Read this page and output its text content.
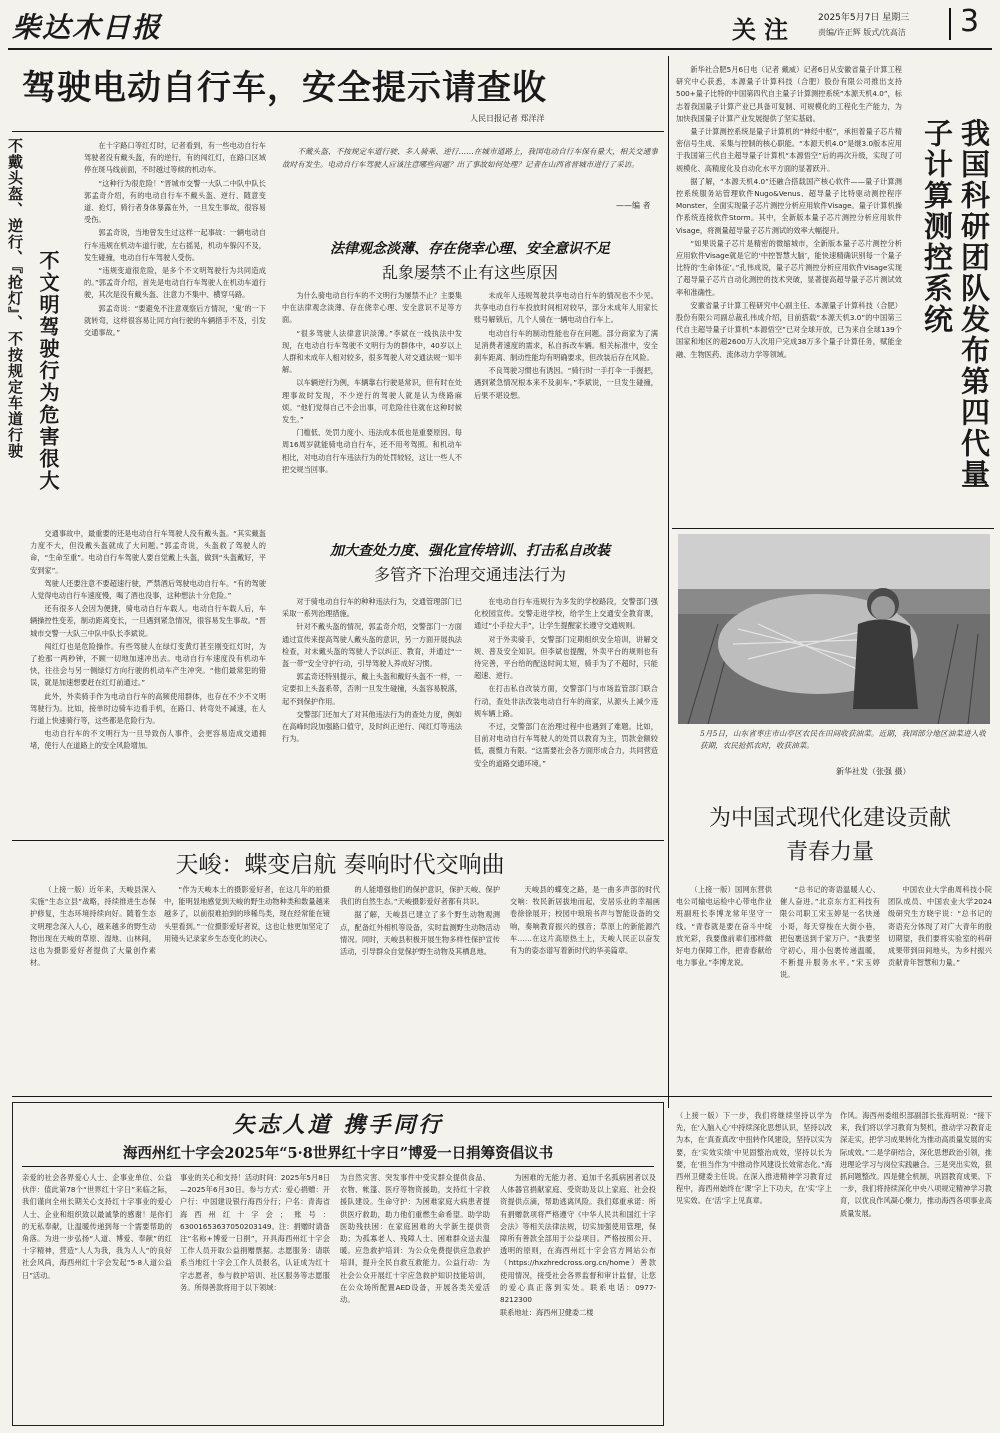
柴达木日报	关注 2025年5月7日 星期三
责编/许正辉 版式/沈高洁 3
驾驶电动自行车，安全提示请查收
人民日报记者 郑洋洋
不戴头盔、逆行、『抢灯』、不按规定车道行驶 不文明驾驶行为危害很大

在十字路口等红灯时，记者看到，有一些电动自行车驾驶者没有戴头盔，有的逆行，有的闯红灯，在路口区域停在斑马线前面，不时越过等候的机动车。

“这种行为很危险！”晋城市交警一大队二中队中队长郭孟奇介绍，有的电动自行车不戴头盔、逆行、随意变道、抢灯，骑行者身体暴露在外，一旦发生事故，很容易受伤。

郭孟奇说，当地曾发生过这样一起事故：一辆电动自行车违规在机动车道行驶，左右摇晃，机动车躲闪不及，发生碰撞，电动自行车驾驶人受伤。

“违规变道很危险，是多个不文明驾驶行为共同造成的。”郭孟奇介绍，首先是电动自行车驾驶人在机动车道行驶，其次是没有戴头盔、注意力不集中、横穿马路。

郭孟奇说：“要避免不注意观察后方情况，‘鬼’的一下就转弯，这样很容易让同方向行驶的车辆措手不及，引发交通事故。”

交通事故中，最重要的还是电动自行车驾驶人没有戴头盔。“其实戴盔力度不大，但没戴头盔就成了大问题。”郭孟奇说，头盔救了驾驶人的命，“生命至重”。电动自行车驾驶人要自觉戴上头盔，做到“头盔戴好，平安到家”。

驾驶人还要注意不要超速行驶，严禁酒后驾驶电动自行车。“有的驾驶人觉得电动自行车速度慢，喝了酒也没事，这种想法十分危险。”

还有很多人会因为便捷，骑电动自行车载人。电动自行车载人后，车辆操控性变差，制动距离变长，一旦遇到紧急情况，很容易发生事故。“晋城市交警一大队三中队中队长李斌说。

闯红灯也是危险操作。有些驾驶人在绿灯变黄灯甚至刚变红灯时，为了抢那一两秒钟，不顾一切地加速冲出去。电动自行车速度没有机动车快，往往会与另一侧绿灯方向行驶的机动车产生冲突。“他们最常犯的错误，就是加速想要赶在红灯前通过。”

此外，外卖骑手作为电动自行车的高频使用群体，也存在不少不文明驾驶行为。比如，接单时边骑车边看手机，在路口、转弯处不减速，在人行道上快速骑行等，这些都是危险行为。

电动自行车的不文明行为一旦导致伤人事件，会更容易造成交通拥堵，使行人在道路上的安全风险增加。

不戴头盔、不按规定车道行驶、多人骑乘、逆行……在城市道路上，我国电动自行车保有量大，相关交通事故时有发生。电动自行车驾驶人应该注意哪些问题？出了事故如何处理？记者在山西省晋城市进行了采访。
——编 者
法律观念淡薄、存在侥幸心理、安全意识不足
乱象屡禁不止有这些原因

为什么骑电动自行车的不文明行为屡禁不止？主要集中在法律观念淡薄、存在侥幸心理、安全意识不足等方面。

“很多驾驶人法律意识淡薄。”李斌在一线执法中发现，在电动自行车驾驶不文明行为的群体中，40岁以上人群和未成年人相对较多，很多驾驶人对交通法规一知半解。

以车辆逆行为例，车辆靠右行驶是常识，但有时在处理事故时发现，不少逆行的驾驶人就是认为绕路麻烦。“他们觉得自己不会出事，可危险往往就在这种时候发生。”

门槛低、处罚力度小、违法成本低也是重要原因。每周16周岁就能骑电动自行车，还不用考驾照。和机动车相比，对电动自行车违法行为的处罚较轻，这让一些人不把交规当回事。

未成年人违规驾驶共享电动自行车的情况也不少见。共享电动自行车投放时间相对较早，部分未成年人用家长账号解锁后，几个人骑在一辆电动自行车上。

电动自行车的制动性能也存在问题。部分商家为了满足消费者速度的需求，私自拆改车辆。相关标准中，安全刹车距离、制动性能均有明确要求，但改装后存在风险。

不良驾驶习惯也有诱因。“骑行时一手打伞一手握把，遇到紧急情况根本来不及刹车。”李斌说，一旦发生碰撞，后果不堪设想。

加大查处力度、强化宣传培训、打击私自改装
多管齐下治理交通违法行为

对于骑电动自行车的种种违法行为，交通管理部门已采取一系列治理措施。

针对不戴头盔的情况，郭孟奇介绍，交警部门一方面通过宣传来提高驾驶人戴头盔的意识，另一方面开展执法检查，对未戴头盔的驾驶人予以纠正、教育，并通过“一盔一带”安全守护行动，引导驾驶人养成好习惯。

郭孟奇还特别提示，戴上头盔和戴好头盔不一样，一定要扣上头盔系带，否则一旦发生碰撞，头盔容易脱落，起不到保护作用。

交警部门还加大了对其他违法行为的查处力度，例如在高峰时段加强路口值守，及时纠正逆行、闯红灯等违法行为。

在电动自行车违规行为多发的学校路段，交警部门强化校园宣传。交警走进学校，给学生上交通安全教育课，通过“小手拉大手”，让学生提醒家长遵守交通规则。

对于外卖骑手，交警部门定期组织安全培训，讲解交规、普及安全知识。但李斌也提醒，外卖平台的规则也有待完善，平台给的配送时间太短，骑手为了不超时，只能超速、逆行。

在打击私自改装方面，交警部门与市场监管部门联合行动，查处非法改装电动自行车的商家，从源头上减少违规车辆上路。

不过，交警部门在治理过程中也遇到了难题。比如，目前对电动自行车驾驶人的处罚以教育为主，罚款金额较低，震慑力有限。“这需要社会各方面形成合力，共同营造安全的道路交通环境。”

新华社合肥5月6日电（记者 戴威）记者6日从安徽省量子计算工程研究中心获悉，本源量子计算科技（合肥）股份有限公司推出支持500+量子比特的中国第四代自主量子计算测控系统“本源天机4.0”，标志着我国量子计算产业已具备可复制、可规模化的工程化生产能力，为加快我国量子计算产业发展提供了坚实基础。

量子计算测控系统是量子计算机的“神经中枢”，承担着量子芯片精密信号生成、采集与控制的核心职能。“本源天机4.0”是继3.0版本应用于我国第三代自主超导量子计算机“本源悟空”后的再次升级，实现了可规模化、高精度化及自动化水平方面的显著跃升。

据了解，“本源天机4.0”还融合搭载国产核心软件——量子计算测控系统服务站管理软件Nugo&Venus、超导量子比特驱动测控程序Monster，全面实现量子芯片测控分析应用软件Visage。量子计算机操作系统连接软件Storm。其中，全新版本量子芯片测控分析应用软件Visage，将测量超导量子芯片测试的效率大幅提升。

“如果说量子芯片是精密的微缩城市，全新版本量子芯片测控分析应用软件Visage就是它的‘中控智慧大脑’，能快速精确识别每一个量子比特的‘生命体征’。”孔伟成说，量子芯片测控分析应用软件Visage实现了超导量子芯片自动化测控的技术突破，显著提高超导量子芯片测试效率和准确性。

安徽省量子计算工程研究中心副主任、本源量子计算科技（合肥）股份有限公司副总裁孔伟成介绍，目前搭载“本源天机3.0”的中国第三代自主超导量子计算机“本源悟空”已对全球开放，已为来自全球139个国家和地区的超2600万人次用户完成38万多个量子计算任务，赋能金融、生物医药、流体动力学等领域。	我国科研团队发布第四代量子计算测控系统
5月5日，山东省枣庄市山亭区农民在田间收获油菜。近期，我国部分地区油菜进入收获期，农民抢抓农时，收获油菜。
新华社发（张强 摄）
天峻：蝶变启航 奏响时代交响曲
（上接一版）近年来，天峻县深入实施“生态立县”战略，持续推进生态保护修复，生态环境持续向好。随着生态文明理念深入人心，越来越多的野生动物出现在天峻的草原、湿地、山林间，这也为摄影爱好者提供了大量创作素材。
“作为天峻本土的摄影爱好者，在这几年的拍摄中，能明显地感觉到天峻的野生动物种类和数量越来越多了，以前很难拍到的珍稀鸟类，现在经常能在镜头里看到。”一位摄影爱好者说，这也让他更加坚定了用镜头记录家乡生态变化的决心。

的人能增强他们的保护意识，保护天峻、保护我们的自然生态。”天峻摄影爱好者都有共识。

据了解，天峻县已建立了多个野生动物观测点，配备红外相机等设备，实时监测野生动物活动情况。同时，天峻县积极开展生物多样性保护宣传活动，引导群众自觉保护野生动物及其栖息地。

天峻县的蝶变之路，是一曲多声部的时代交响：牧民新居拔地而起，安居乐业的幸福画卷徐徐展开；校园中琅琅书声与智能设备的交响，奏响教育振兴的强音；草原上的新能源汽车……在这片高原热土上，天峻人民正以奋发有为的姿态谱写着新时代的华美篇章。
为中国式现代化建设贡献青春力量
（上接一版）国网东营供电公司输电运检中心带电作业班副班长李博龙常年坚守一线。“青春就是要在奋斗中绽放光彩，我要像前辈们那样做好电力保障工作，把青春献给电力事业。”李博龙说。
“总书记的寄语温暖人心、催人奋进。”北京东方汇科技有限公司职工宋玉婷是一名快递小哥，每天穿梭在大街小巷，把包裹送到千家万户。“我要坚守初心，用小包裹传递温暖，不断提升服务水平。”宋玉婷说。
中国农业大学曲周科技小院团队成员、中国农业大学2024级研究生方晓宇说：“总书记的寄语充分体现了对广大青年的殷切期望，我们要将实验室的科研成果带到田间地头，为乡村振兴贡献青年智慧和力量。”
矢志人道 携手同行
海西州红十字会2025年“5·8世界红十字日”博爱一日捐筹资倡议书
亲爱的社会各界爱心人士、企事业单位、公益伙伴：值此第78个“世界红十字日”来临之际，我们谨向全州长期关心支持红十字事业的爱心人士、企业和组织致以最诚挚的感谢！是你们的无私奉献，让温暖传递到每一个需要帮助的角落。为进一步弘扬“人道、博爱、奉献”的红十字精神，营造“人人为我，我为人人”的良好社会风尚，海西州红十字会发起“5·8人道公益日”活动。
事业的关心和支持！活动时间：2025年5月8日—2025年6月30日。参与方式：爱心捐赠：开户行：中国建设银行海西分行；户名：青海省海西州红十字会；账号：63001653637050203149。注：捐赠时请备注“名称+博爱一日捐”，开具海西州红十字会工作人员开取公益捐赠票据。志愿服务：请联系当地红十字会工作人员报名，认证成为红十字志愿者，参与救护培训、社区服务等志愿服务。所得善款将用于以下领域：
为自然灾害、突发事件中受灾群众提供食品、衣物、帐篷、医疗等物资援助，支持红十字救援队建设。生命守护：为困难家庭大病患者提供医疗救助，助力他们重燃生命希望。助学助医助残扶困：在家庭困难的大学新生提供资助；为孤寡老人、残障人士、困难群众送去温暖。应急救护培训：为公众免费提供应急救护培训，提升全民自救互救能力。公益行动：为社会公众开展红十字应急救护知识技能培训，在公众场所配置AED设备，开展各类关爱活动。

为困难的无能力者、追加千名孤病困者以及人体器官捐献家庭、受资助及以上家庭、社会投资提供点滴，帮助逃离风险。我们郑重承诺：所有捐赠款项将严格遵守《中华人民共和国红十字会法》等相关法律法规，切实加强使用管理，保障所有善款全部用于公益项目。严格按照公开、透明的原则，在海西州红十字会官方网站公布（https://hxzhredcross.org.cn/home）善款使用情况，接受社会各界监督和审计监督，让您的爱心真正落到实处。联系电话：0977-8212300

联系地址：海西州卫健委二楼

（上接一版）下一步，我们将继续坚持以学为先，在‘入脑入心’中持续深化思想认识，坚持以改为本，在‘真查真改’中扭转作风建设，坚持以实为要，在‘实效实绩’中见固整治成效，坚持以长为要，在‘担当作为’中推动作风建设长效常态化。”海西州卫健委主任说。在深入推进精神学习教育过程中，海西州始终在‘课’字上下功夫，在‘实’字上见实效。在‘活’字上见真章。
作风。海西州委组织部副部长张海明说：“接下来，我们将以学习教育为契机，推动学习教育走深走实，把学习成果转化为推动高质量发展的实际成效。”二是学研结合，深化思想政治引领，推进理论学习与岗位实践融合。三是突出实效，狠抓问题整改。四是健全机制，巩固教育成果。下一步，我们将持续深化中央八项规定精神学习教育，以优良作风凝心聚力，推动海西各项事业高质量发展。
